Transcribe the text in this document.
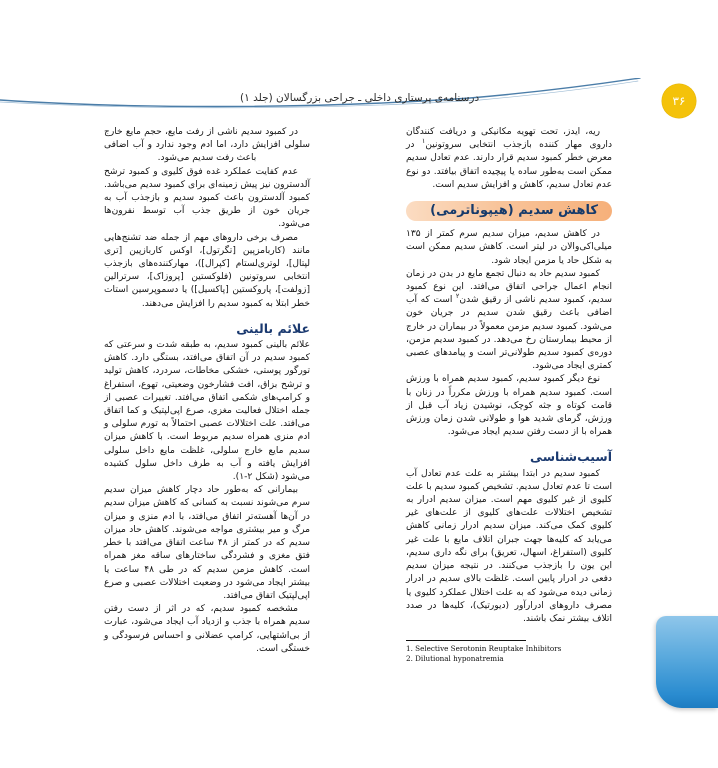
درسنامه‌ی پرستاری داخلی ـ جراحی بزرگسالان (جلد ۱)	۳۶

ریه، ایدز، تحت تهویه مکانیکی و دریافت کنندگان داروی مهار کننده بازجذب انتخابی سروتونین$^۱$ در معرض خطر کمبود سدیم قرار دارند. عدم تعادل سدیم ممکن است به‌طور ساده یا پیچیده اتفاق بیافتد. دو نوع عدم تعادل سدیم، کاهش و افزایش سدیم است.

کاهش سدیم (هیپوناترمی)

در کاهش سدیم، میزان سدیم سرم کمتر از ۱۳۵ میلی‌اکی‌والان در لیتر است. کاهش سدیم ممکن است به شکل حاد یا مزمن ایجاد شود.

کمبود سدیم حاد به دنبال تجمع مایع در بدن در زمان انجام اعمال جراحی اتفاق می‌افتد. این نوع کمبود سدیم، کمبود سدیم ناشی از رقیق شدن$^۲$ است که آب اضافی باعث رقیق شدن سدیم در جریان خون می‌شود. کمبود سدیم مزمن معمولاً در بیماران در خارج از محیط بیمارستان رخ می‌دهد. در کمبود سدیم مزمن، دوره‌ی کمبود سدیم طولانی‌تر است و پیامدهای عصبی کمتری ایجاد می‌شود.

نوع دیگر کمبود سدیم، کمبود سدیم همراه با ورزش است. کمبود سدیم همراه با ورزش مکرراً در زنان با قامت کوتاه و جثه کوچک، نوشیدن زیاد آب قبل از ورزش، گرمای شدید هوا و طولانی شدن زمان ورزش همراه با از دست رفتن سدیم ایجاد می‌شود.

آسیب‌شناسی

کمبود سدیم در ابتدا بیشتر به علت عدم تعادل آب است تا عدم تعادل سدیم. تشخیص کمبود سدیم با علت کلیوی از غیر کلیوی مهم است. میزان سدیم ادرار به تشخیص اختلالات علت‌های کلیوی از علت‌های غیر کلیوی کمک می‌کند. میزان سدیم ادرار زمانی کاهش می‌یابد که کلیه‌ها جهت جبران اتلاف مایع با علت غیر کلیوی (استفراغ، اسهال، تعریق) برای نگه داری سدیم، این یون را بازجذب می‌کنند. در نتیجه میزان سدیم دفعی در ادرار پایین است. غلظت بالای سدیم در ادرار زمانی دیده می‌شود که به علت اختلال عملکرد کلیوی یا مصرف داروهای ادرارآور (دیورتیک)، کلیه‌ها در صدد اتلاف بیشتر نمک باشند.

در کمبود سدیم ناشی از رفت مایع، حجم مایع خارج سلولی افزایش دارد، اما ادم وجود ندارد و آب اضافی باعث رفت سدیم می‌شود.

عدم کفایت عملکرد غده فوق کلیوی و کمبود ترشح آلدسترون نیز پیش زمینه‌ای برای کمبود سدیم می‌باشد. کمبود آلدسترون باعث کمبود سدیم و بازجذب آب به جریان خون از طریق جذب آب توسط نفرون‌ها می‌شود.

مصرف برخی داروهای مهم از جمله ضد تشنج‌هایی مانند (کاربامزپین [تگرتول]، اوکس کاربازپین [تری لپتال]، لوتری‌لستام [کپرال])، مهارکنند‌ه‌های بازجذب انتخابی سروتونین (فلوکستین [پروزاک]، سرترالین [زولفت]، پاروکستین [پاکسیل]) یا دسموپرسین استات خطر ابتلا به کمبود سدیم را افزایش می‌دهند.

علائم بالینی

علائم بالینی کمبود سدیم، به طبقه شدت و سرعتی که کمبود سدیم در آن اتفاق می‌افتد، بستگی دارد. کاهش تورگور پوستی، خشکی مخاطات، سردرد، کاهش تولید و ترشح بزاق، افت فشارخون وضعیتی، تهوع، استفراغ و کرامپ‌های شکمی اتفاق می‌افتد. تغییرات عصبی از جمله اختلال فعالیت مغزی، صرع اپی‌لپتیک و کما اتفاق می‌افتد. علت اختلالات عصبی احتمالاً به تورم سلولی و ادم منزی همراه سدیم مربوط است. با کاهش میزان سدیم مایع خارج سلولی، غلظت مایع داخل سلولی افزایش یافته و آب به طرف داخل سلول کشیده می‌شود (شکل ۲-۱).

بیمارانی که به‌طور حاد دچار کاهش میزان سدیم سرم می‌شوند نسبت به کسانی که کاهش میزان سدیم در آن‌ها آهسته‌تر اتفاق می‌افتد، با ادم منزی و میزان مرگ و میر بیشتری مواجه می‌شوند. کاهش حاد میزان سدیم که در کمتر از ۴۸ ساعت اتفاق می‌افتد با خطر فتق مغزی و فشردگی ساختارهای ساقه مغز همراه است. کاهش مزمن سدیم که در طی ۴۸ ساعت یا بیشتر ایجاد می‌شود در وضعیت اختلالات عصبی و صرع اپی‌لپتیک اتفاق می‌افتد.

مشخصه کمبود سدیم، که در اثر از دست رفتن سدیم همراه با جذب و ازدیاد آب ایجاد می‌شود، عبارت از بی‌اشتهایی، کرامپ عضلانی و احساس فرسودگی و خستگی است.	1. Selective Serotonin Reuptake Inhibitors
2. Dilutional hyponatremia
